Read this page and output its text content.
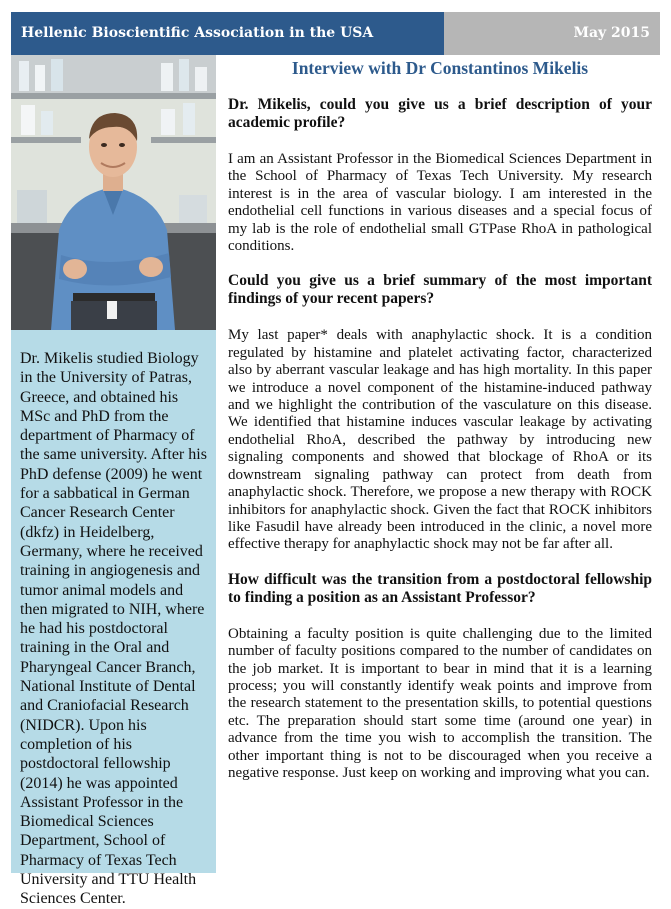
Hellenic Bioscientific Association in the USA	May 2015

Dr. Mikelis studied Biology in the University of Patras, Greece, and obtained his MSc and PhD from the department of Pharmacy of the same university. After his PhD defense (2009) he went for a sabbatical in German Cancer Research Center (dkfz) in Heidelberg, Germany, where he received training in angiogenesis and tumor animal models and then migrated to NIH, where he had his postdoctoral training in the Oral and Pharyngeal Cancer Branch, National Institute of Dental and Craniofacial Research (NIDCR). Upon his completion of his postdoctoral fellowship (2014) he was appointed Assistant Professor in the Biomedical Sciences Department, School of Pharmacy of Texas Tech University and TTU Health Sciences Center.

Interview with Dr Constantinos Mikelis

Dr. Mikelis, could you give us a brief description of your academic profile?

I am an Assistant Professor in the Biomedical Sciences Department in the School of Pharmacy of Texas Tech University. My research interest is in the area of vascular biology. I am interested in the endothelial cell functions in various diseases and a special focus of my lab is the role of endothelial small GTPase RhoA in pathological conditions.

Could you give us a brief summary of the most important findings of your recent papers?

My last paper* deals with anaphylactic shock. It is a condition regulated by histamine and platelet activating factor, characterized also by aberrant vascular leakage and has high mortality. In this paper we introduce a novel component of the histamine-induced pathway and we highlight the contribution of the vasculature on this disease. We identified that histamine induces vascular leakage by activating endothelial RhoA, described the pathway by introducing new signaling components and showed that blockage of RhoA or its downstream signaling pathway can protect from death from anaphylactic shock. Therefore, we propose a new therapy with ROCK inhibitors for anaphylactic shock. Given the fact that ROCK inhibitors like Fasudil have already been introduced in the clinic, a novel more effective therapy for anaphylactic shock may not be far after all.

How difficult was the transition from a postdoctoral fellowship to finding a position as an Assistant Professor?

Obtaining a faculty position is quite challenging due to the limited number of faculty positions compared to the number of candidates on the job market. It is important to bear in mind that it is a learning process; you will constantly identify weak points and improve from the research statement to the presentation skills, to potential questions etc. The preparation should start some time (around one year) in advance from the time you wish to accomplish the transition. The other important thing is not to be discouraged when you receive a negative response. Just keep on working and improving what you can.
